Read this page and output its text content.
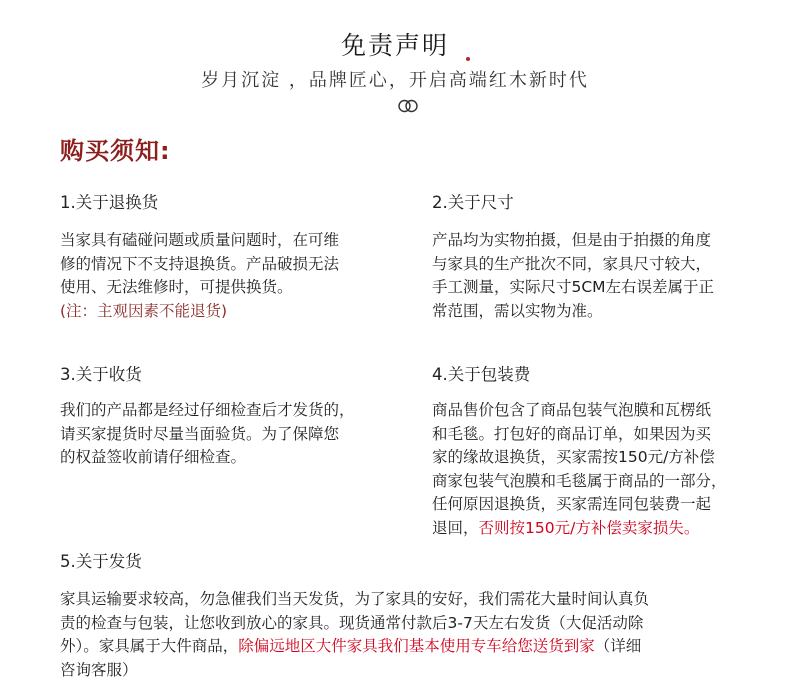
免责声明
岁月沉淀 ，品牌匠心，开启高端红木新时代
购买须知:
1.关于退换货
当家具有磕碰问题或质量问题时，在可维
修的情况下不支持退换货。产品破损无法
使用、无法维修时，可提供换货。
(注：主观因素不能退货)
2.关于尺寸
产品均为实物拍摄，但是由于拍摄的角度
与家具的生产批次不同，家具尺寸较大，
手工测量，实际尺寸5CM左右误差属于正
常范围，需以实物为准。
3.关于收货
我们的产品都是经过仔细检查后才发货的，
请买家提货时尽量当面验货。为了保障您
的权益签收前请仔细检查。
4.关于包装费
商品售价包含了商品包装气泡膜和瓦楞纸
和毛毯。打包好的商品订单，如果因为买
家的缘故退换货，买家需按150元/方补偿
商家包装气泡膜和毛毯属于商品的一部分，
任何原因退换货，买家需连同包装费一起
退回，否则按150元/方补偿卖家损失。
5.关于发货
家具运输要求较高，勿急催我们当天发货，为了家具的安好，我们需花大量时间认真负
责的检查与包装，让您收到放心的家具。现货通常付款后3-7天左右发货（大促活动除
外）。家具属于大件商品，除偏远地区大件家具我们基本使用专车给您送货到家（详细
咨询客服）
